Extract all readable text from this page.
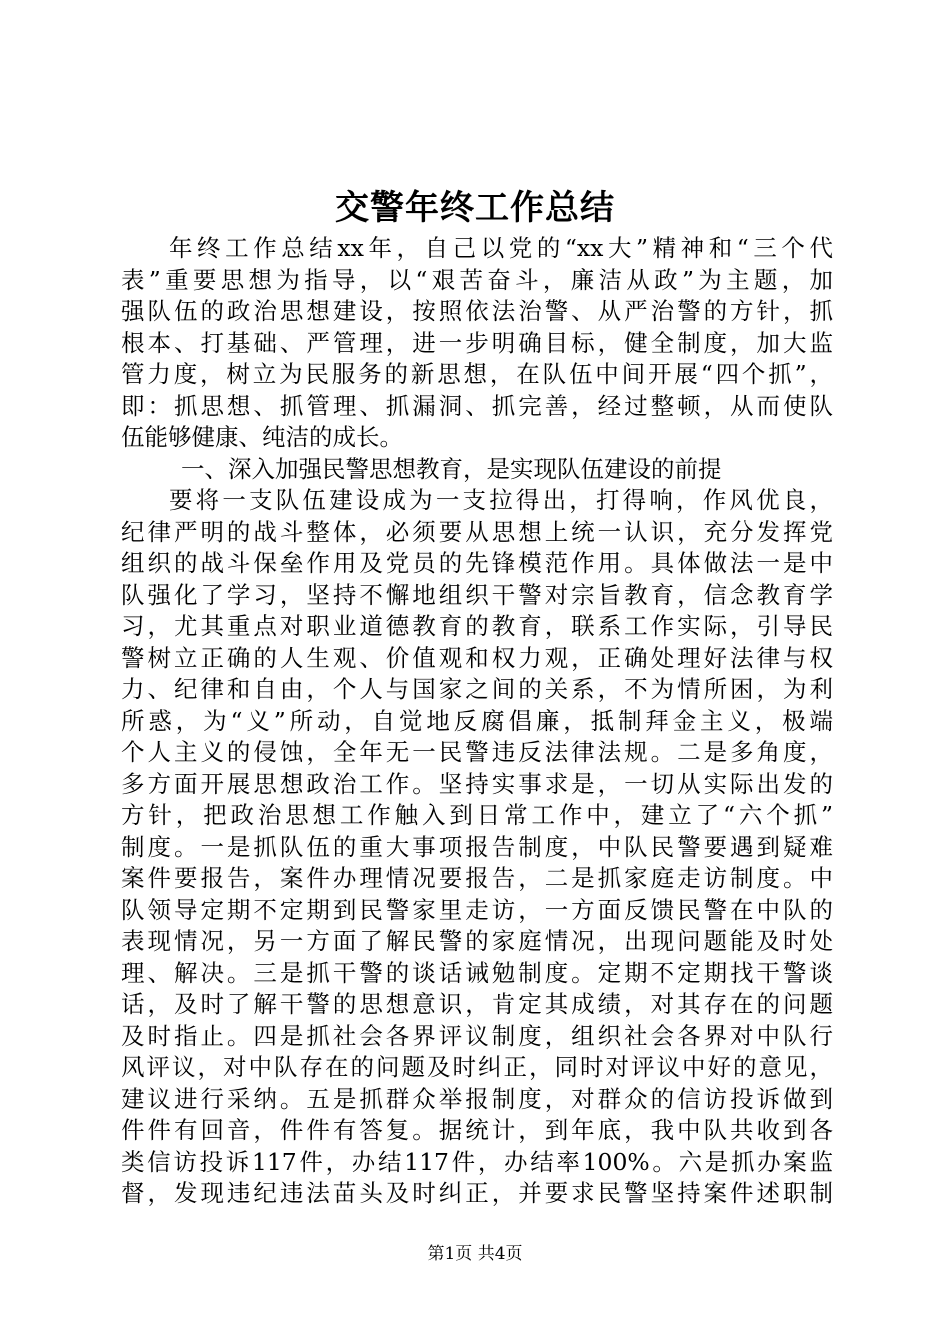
交警年终工作总结
年终工作总结xx年，自己以党的“xx大”精神和“三个代
表”重要思想为指导，以“艰苦奋斗，廉洁从政”为主题，加
强队伍的政治思想建设，按照依法治警、从严治警的方针，抓
根本、打基础、严管理，进一步明确目标，健全制度，加大监
管力度，树立为民服务的新思想，在队伍中间开展“四个抓”，
即：抓思想、抓管理、抓漏洞、抓完善，经过整顿，从而使队
伍能够健康、纯洁的成长。
一、深入加强民警思想教育，是实现队伍建设的前提
要将一支队伍建设成为一支拉得出，打得响，作风优良，
纪律严明的战斗整体，必须要从思想上统一认识，充分发挥党
组织的战斗保垒作用及党员的先锋模范作用。具体做法一是中
队强化了学习，坚持不懈地组织干警对宗旨教育，信念教育学
习，尤其重点对职业道德教育的教育，联系工作实际，引导民
警树立正确的人生观、价值观和权力观，正确处理好法律与权
力、纪律和自由，个人与国家之间的关系，不为情所困，为利
所惑，为“义”所动，自觉地反腐倡廉，抵制拜金主义，极端
个人主义的侵蚀，全年无一民警违反法律法规。二是多角度，
多方面开展思想政治工作。坚持实事求是，一切从实际出发的
方针，把政治思想工作触入到日常工作中，建立了“六个抓”
制度。一是抓队伍的重大事项报告制度，中队民警要遇到疑难
案件要报告，案件办理情况要报告，二是抓家庭走访制度。中
队领导定期不定期到民警家里走访，一方面反馈民警在中队的
表现情况，另一方面了解民警的家庭情况，出现问题能及时处
理、解决。三是抓干警的谈话诫勉制度。定期不定期找干警谈
话，及时了解干警的思想意识，肯定其成绩，对其存在的问题
及时指止。四是抓社会各界评议制度，组织社会各界对中队行
风评议，对中队存在的问题及时纠正，同时对评议中好的意见，
建议进行采纳。五是抓群众举报制度，对群众的信访投诉做到
件件有回音，件件有答复。据统计，到年底，我中队共收到各
类信访投诉117件，办结117件，办结率100%。六是抓办案监
督，发现违纪违法苗头及时纠正，并要求民警坚持案件述职制
第1页 共4页
